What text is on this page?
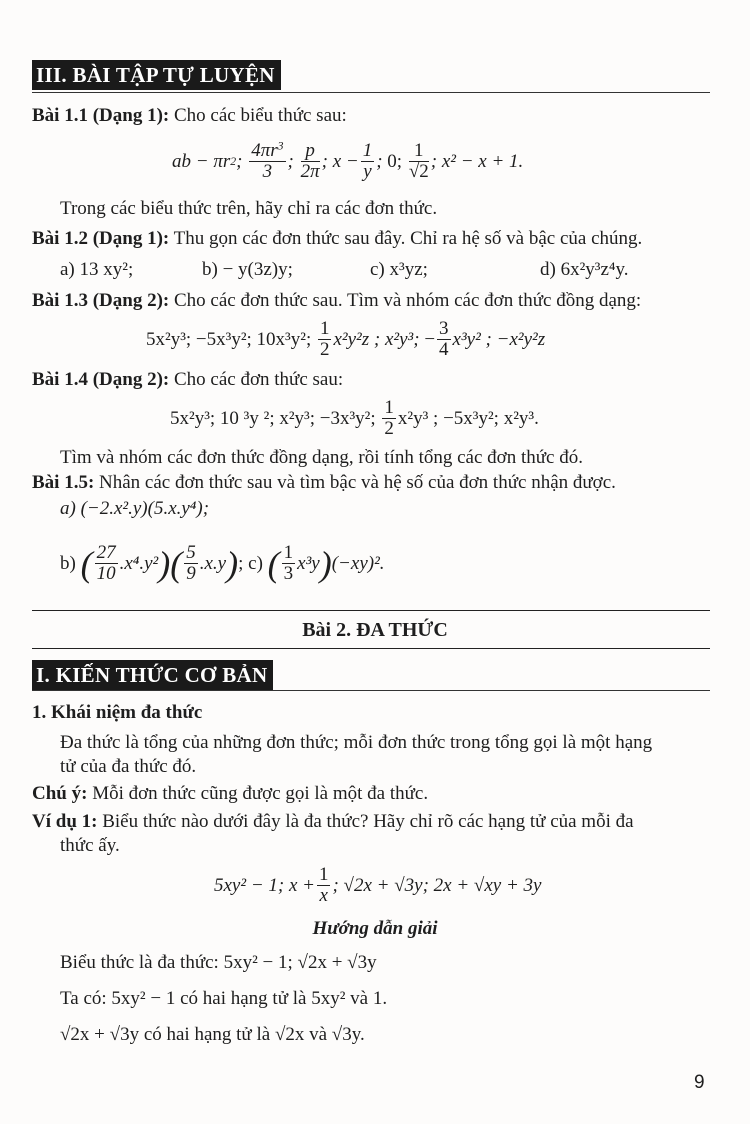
III. BÀI TẬP TỰ LUYỆN
Bài 1.1 (Dạng 1): Cho các biểu thức sau:
ab − πr 2 ; $\frac{4\pi r^3}{3}$ ; $\frac{p}{2\pi}$ ; $x - \frac{1}{y}$ ; 0;
$\frac{1}{√2}$ ; x² − x + 1.
Trong các biểu thức trên, hãy chỉ ra các đơn thức.
Bài 1.2 (Dạng 1): Thu gọn các đơn thức sau đây. Chỉ ra hệ số và bậc của chúng.
a) 13 xy²;	b) − y(3z)y;	c) x³yz;	d) 6x²y³z⁴y.
Bài 1.3 (Dạng 2): Cho các đơn thức sau. Tìm và nhóm các đơn thức đồng dạng:
5x²y³; −5x³y²; 10x³y²;
$\frac{1}{2} x^2y^2z$ ; x²y³; − $\frac{3}{4} x^3y^2$ ; −x²y²z
Bài 1.4 (Dạng 2): Cho các đơn thức sau:
5x²y³; 10 ³y ²; x²y³; −3x³y²;
$\frac{1}{2} x^2y^3$ ; −5x³y²; x²y³.
Tìm và nhóm các đơn thức đồng dạng, rồi tính tổng các đơn thức đó.
Bài 1.5: Nhân các đơn thức sau và tìm bậc và hệ số của đơn thức nhận được.
a) (−2.x².y)(5.x.y⁴);
b)
( $\frac{27}{10} .x^4.y^2$ ) ( $\frac{5}{9} .x.y$ ) ; c)
( $\frac{1}{3} x^3y$ ) (−xy)².
Bài 2. ĐA THỨC
I. KIẾN THỨC CƠ BẢN
1. Khái niệm đa thức
Đa thức là tổng của những đơn thức; mỗi đơn thức trong tổng gọi là một hạng
tử của đa thức đó.
Chú ý: Mỗi đơn thức cũng được gọi là một đa thức.
Ví dụ 1: Biểu thức nào dưới đây là đa thức? Hãy chỉ rõ các hạng tử của mỗi đa
thức ấy.
5xy² − 1; $x + \frac{1}{x}$ ; √2x + √3y; 2x + √xy + 3y
Hướng dẫn giải
Biểu thức là đa thức: 5xy² − 1; √2x + √3y
Ta có: 5xy² − 1 có hai hạng tử là 5xy² và 1.
√2x + √3y có hai hạng tử là √2x và √3y.
9
